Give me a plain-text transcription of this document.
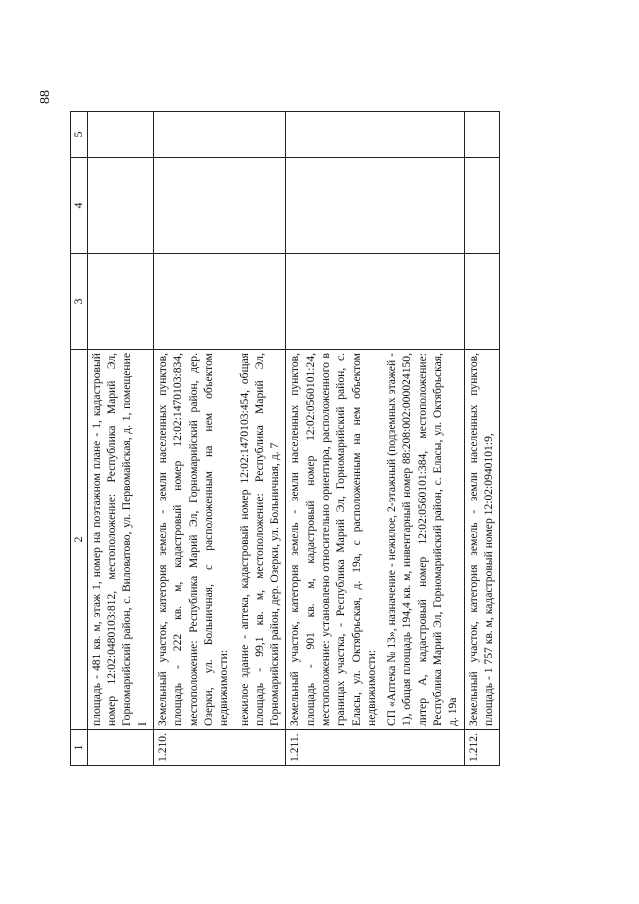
88
1	2	3	4	5

	площадь - 481 кв. м, этаж 1, номер на поэтажном плане - 1, кадастровый номер 12:02:0480103:812, местоположение: Республика Марий Эл, Горномарийский район, с. Виловатово, ул. Первомайская, д. 1, помещение I			

1.210.	Земельный участок, категория земель - земли населенных пунктов, площадь - 222 кв. м, кадастровый номер 12:02:1470103:834, местоположение: Республика Марий Эл, Горномарийский район, дер. Озерки, ул. Больничная, с расположенным на нем объектом недвижимости: нежилое здание - аптека, кадастровый номер 12:02:1470103:454, общая площадь - 99,1 кв. м, местоположение: Республика Марий Эл, Горномарийский район, дер. Озерки, ул. Больничная, д. 7			

1.211.	Земельный участок, категория земель - земли населенных пунктов, площадь - 901 кв. м, кадастровый номер 12:02:0560101:24, местоположение: установлено относительно ориентира, расположенного в границах участка, - Республика Марий Эл, Горномарийский район, с. Еласы, ул. Октябрьская, д. 19а, с расположенным на нем объектом недвижимости: СП «Аптека № 13», назначение - нежилое, 2-этажный (подземных этажей - 1), общая площадь 194,4 кв. м, инвентарный номер 88:208:002:000024150, литер А, кадастровый номер 12:02:0560101:384, местоположение: Республика Марий Эл, Горномарийский район, с. Еласы, ул. Октябрьская, д. 19а			

1.212.	Земельный участок, категория земель - земли населенных пунктов, площадь - 1 757 кв. м, кадастровый номер 12:02:0940101:9,			
